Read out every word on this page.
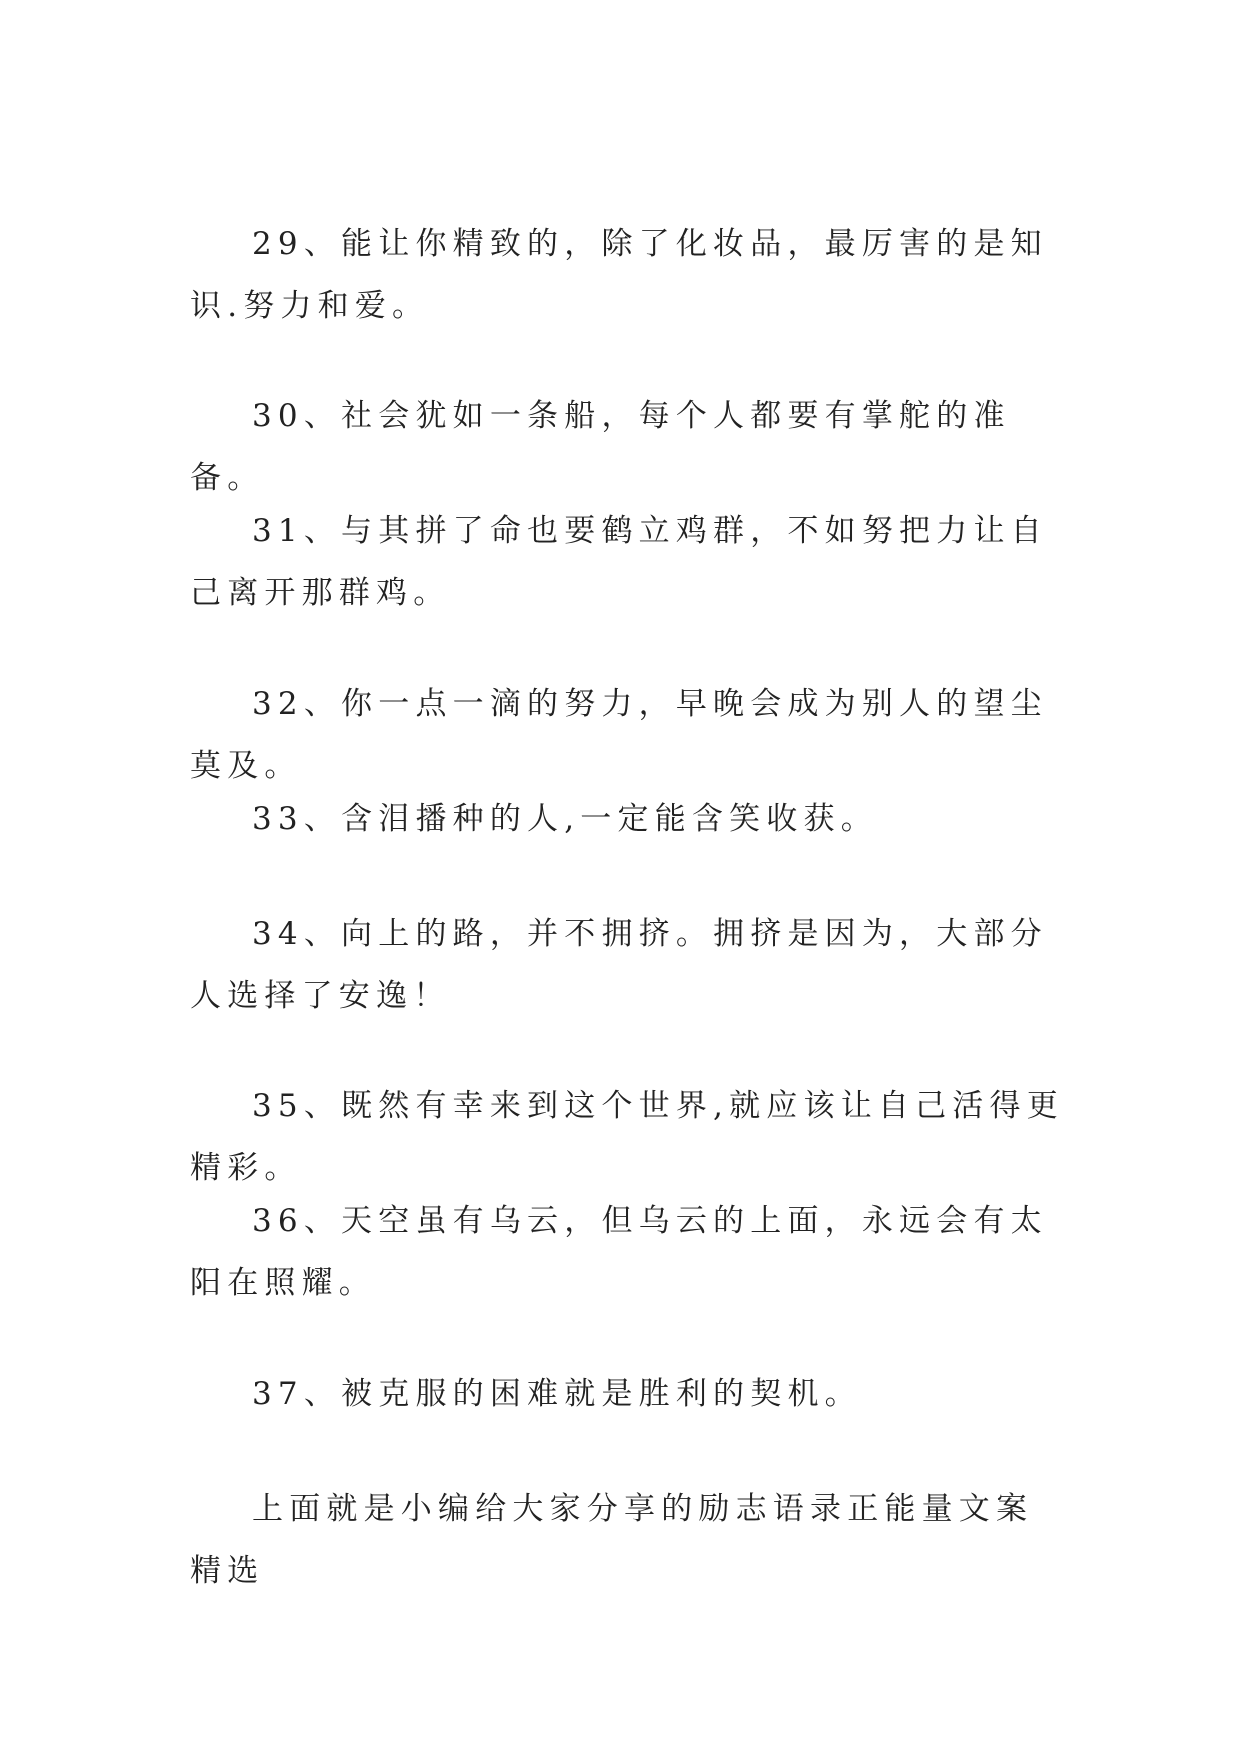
29、能让你精致的，除了化妆品，最厉害的是知识.努力和爱。

30、社会犹如一条船，每个人都要有掌舵的准备。

31、与其拼了命也要鹤立鸡群，不如努把力让自己离开那群鸡。

32、你一点一滴的努力，早晚会成为别人的望尘莫及。

33、含泪播种的人,一定能含笑收获。

34、向上的路，并不拥挤。拥挤是因为，大部分人选择了安逸！

35、既然有幸来到这个世界,就应该让自己活得更精彩。

36、天空虽有乌云，但乌云的上面，永远会有太阳在照耀。

37、被克服的困难就是胜利的契机。

上面就是小编给大家分享的励志语录正能量文案精选
